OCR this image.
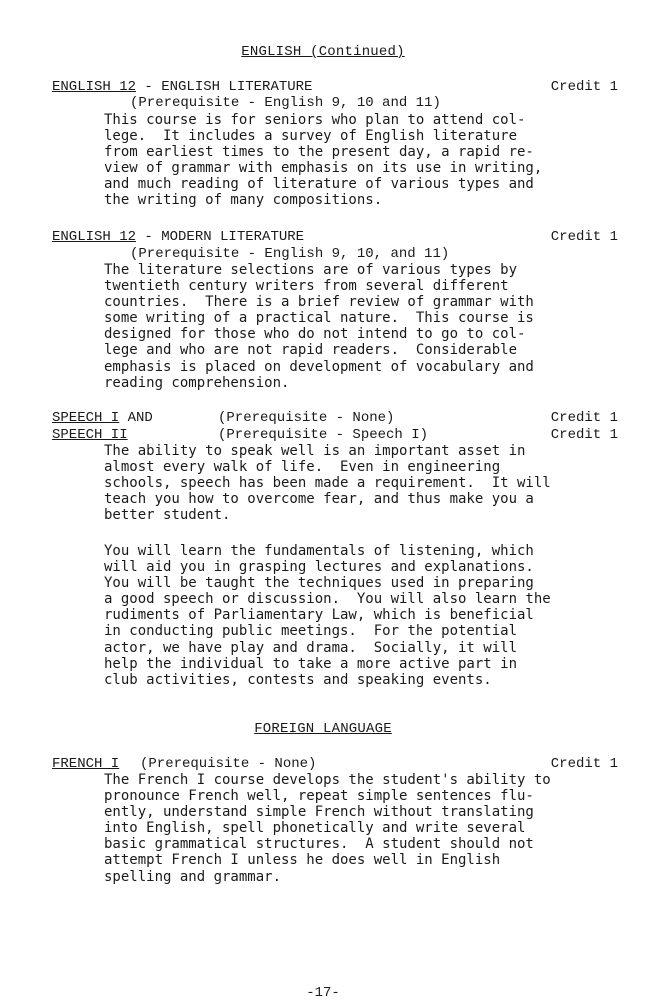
ENGLISH (Continued)
ENGLISH 12 - ENGLISH LITERATURE	Credit 1
(Prerequisite - English 9, 10 and 11)
This course is for seniors who plan to attend col-
lege.  It includes a survey of English literature
from earliest times to the present day, a rapid re-
view of grammar with emphasis on its use in writing,
and much reading of literature of various types and
the writing of many compositions.
ENGLISH 12 - MODERN LITERATURE	Credit 1
(Prerequisite - English 9, 10, and 11)
The literature selections are of various types by
twentieth century writers from several different
countries.  There is a brief review of grammar with
some writing of a practical nature.  This course is
designed for those who do not intend to go to col-
lege and who are not rapid readers.  Considerable
emphasis is placed on development of vocabulary and
reading comprehension.
SPEECH I AND	(Prerequisite - None)	Credit 1
SPEECH II	(Prerequisite - Speech I)	Credit 1
The ability to speak well is an important asset in
almost every walk of life.  Even in engineering
schools, speech has been made a requirement.  It will
teach you how to overcome fear, and thus make you a
better student.
You will learn the fundamentals of listening, which
will aid you in grasping lectures and explanations.
You will be taught the techniques used in preparing
a good speech or discussion.  You will also learn the
rudiments of Parliamentary Law, which is beneficial
in conducting public meetings.  For the potential
actor, we have play and drama.  Socially, it will
help the individual to take a more active part in
club activities, contests and speaking events.
FOREIGN LANGUAGE
FRENCH I (Prerequisite - None)	Credit 1
The French I course develops the student's ability to
pronounce French well, repeat simple sentences flu-
ently, understand simple French without translating
into English, spell phonetically and write several
basic grammatical structures.  A student should not
attempt French I unless he does well in English
spelling and grammar.
-17-
